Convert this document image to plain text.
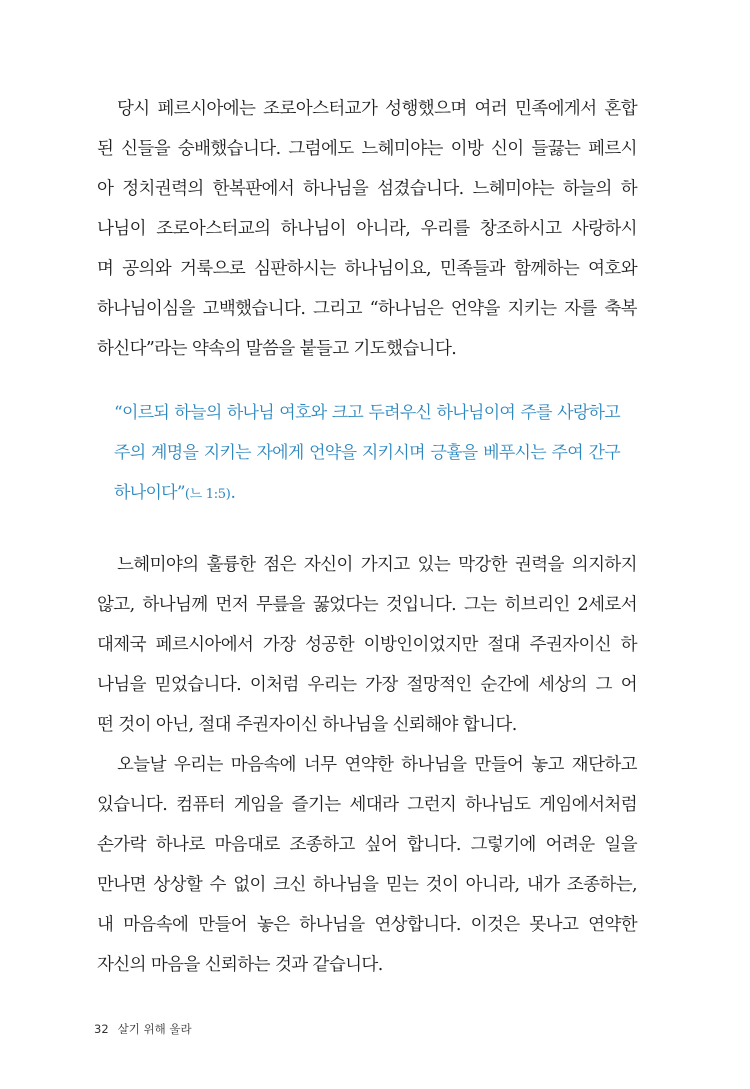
당시 페르시아에는 조로아스터교가 성행했으며 여러 민족에게서 혼합
된 신들을 숭배했습니다. 그럼에도 느헤미야는 이방 신이 들끓는 페르시
아 정치권력의 한복판에서 하나님을 섬겼습니다. 느헤미야는 하늘의 하
나님이 조로아스터교의 하나님이 아니라, 우리를 창조하시고 사랑하시
며 공의와 거룩으로 심판하시는 하나님이요, 민족들과 함께하는 여호와
하나님이심을 고백했습니다. 그리고 “하나님은 언약을 지키는 자를 축복
하신다”라는 약속의 말씀을 붙들고 기도했습니다.
“이르되 하늘의 하나님 여호와 크고 두려우신 하나님이여 주를 사랑하고
주의 계명을 지키는 자에게 언약을 지키시며 긍휼을 베푸시는 주여 간구
하나이다”(느 1:5).
느헤미야의 훌륭한 점은 자신이 가지고 있는 막강한 권력을 의지하지
않고, 하나님께 먼저 무릎을 꿇었다는 것입니다. 그는 히브리인 2세로서
대제국 페르시아에서 가장 성공한 이방인이었지만 절대 주권자이신 하
나님을 믿었습니다. 이처럼 우리는 가장 절망적인 순간에 세상의 그 어
떤 것이 아닌, 절대 주권자이신 하나님을 신뢰해야 합니다.
오늘날 우리는 마음속에 너무 연약한 하나님을 만들어 놓고 재단하고
있습니다. 컴퓨터 게임을 즐기는 세대라 그런지 하나님도 게임에서처럼
손가락 하나로 마음대로 조종하고 싶어 합니다. 그렇기에 어려운 일을
만나면 상상할 수 없이 크신 하나님을 믿는 것이 아니라, 내가 조종하는,
내 마음속에 만들어 놓은 하나님을 연상합니다. 이것은 못나고 연약한
자신의 마음을 신뢰하는 것과 같습니다.
32 살기 위해 울라
